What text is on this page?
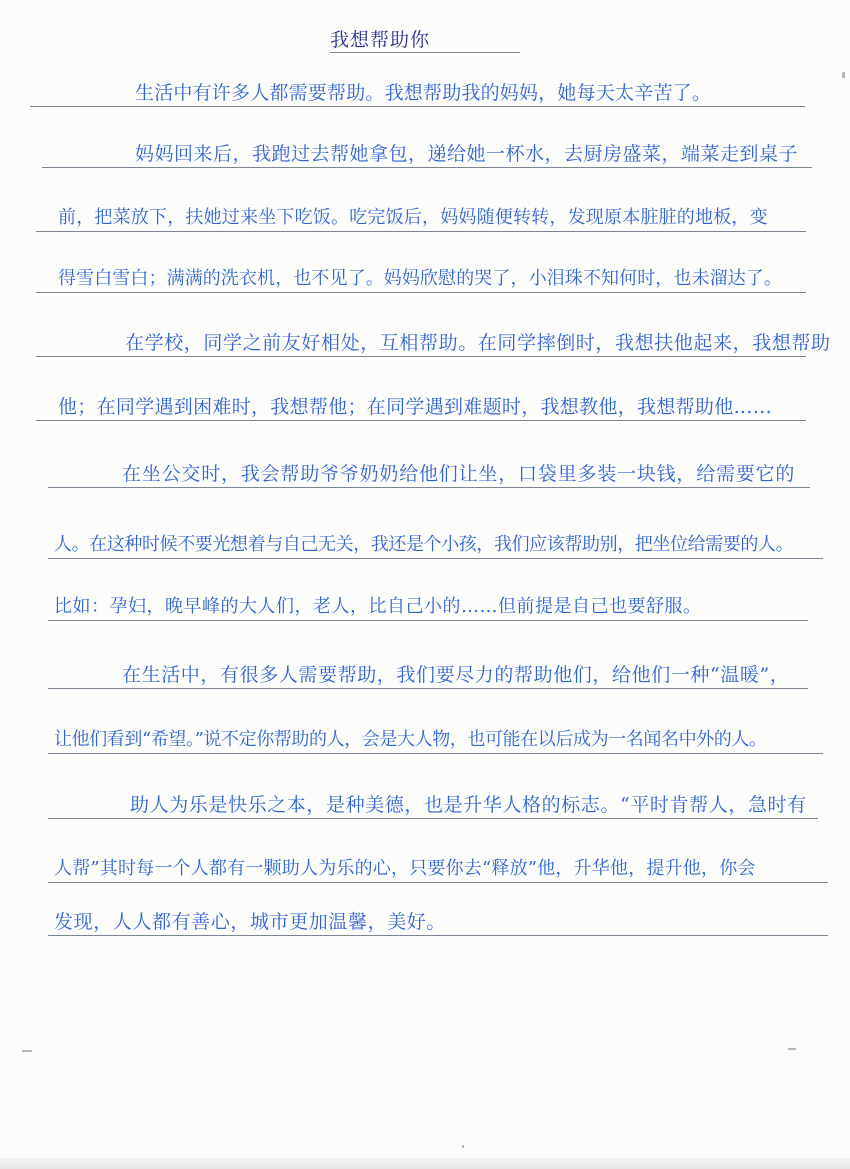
我想帮助你
生活中有许多人都需要帮助。我想帮助我的妈妈，她每天太辛苦了。
妈妈回来后，我跑过去帮她拿包，递给她一杯水，去厨房盛菜，端菜走到桌子
前，把菜放下，扶她过来坐下吃饭。吃完饭后，妈妈随便转转，发现原本脏脏的地板，变
得雪白雪白；满满的洗衣机，也不见了。妈妈欣慰的哭了，小泪珠不知何时，也未溜达了。
在学校，同学之前友好相处，互相帮助。在同学摔倒时，我想扶他起来，我想帮助
他；在同学遇到困难时，我想帮他；在同学遇到难题时，我想教他，我想帮助他……
在坐公交时，我会帮助爷爷奶奶给他们让坐，口袋里多装一块钱，给需要它的
人。在这种时候不要光想着与自己无关，我还是个小孩，我们应该帮助别，把坐位给需要的人。
比如：孕妇，晚早峰的大人们，老人，比自己小的……但前提是自己也要舒服。
在生活中，有很多人需要帮助，我们要尽力的帮助他们，给他们一种“温暖”，
让他们看到“希望。”说不定你帮助的人，会是大人物，也可能在以后成为一名闻名中外的人。
助人为乐是快乐之本，是种美德，也是升华人格的标志。“平时肯帮人，急时有
人帮”其时每一个人都有一颗助人为乐的心，只要你去“释放”他，升华他，提升他，你会
发现，人人都有善心，城市更加温馨，美好。
